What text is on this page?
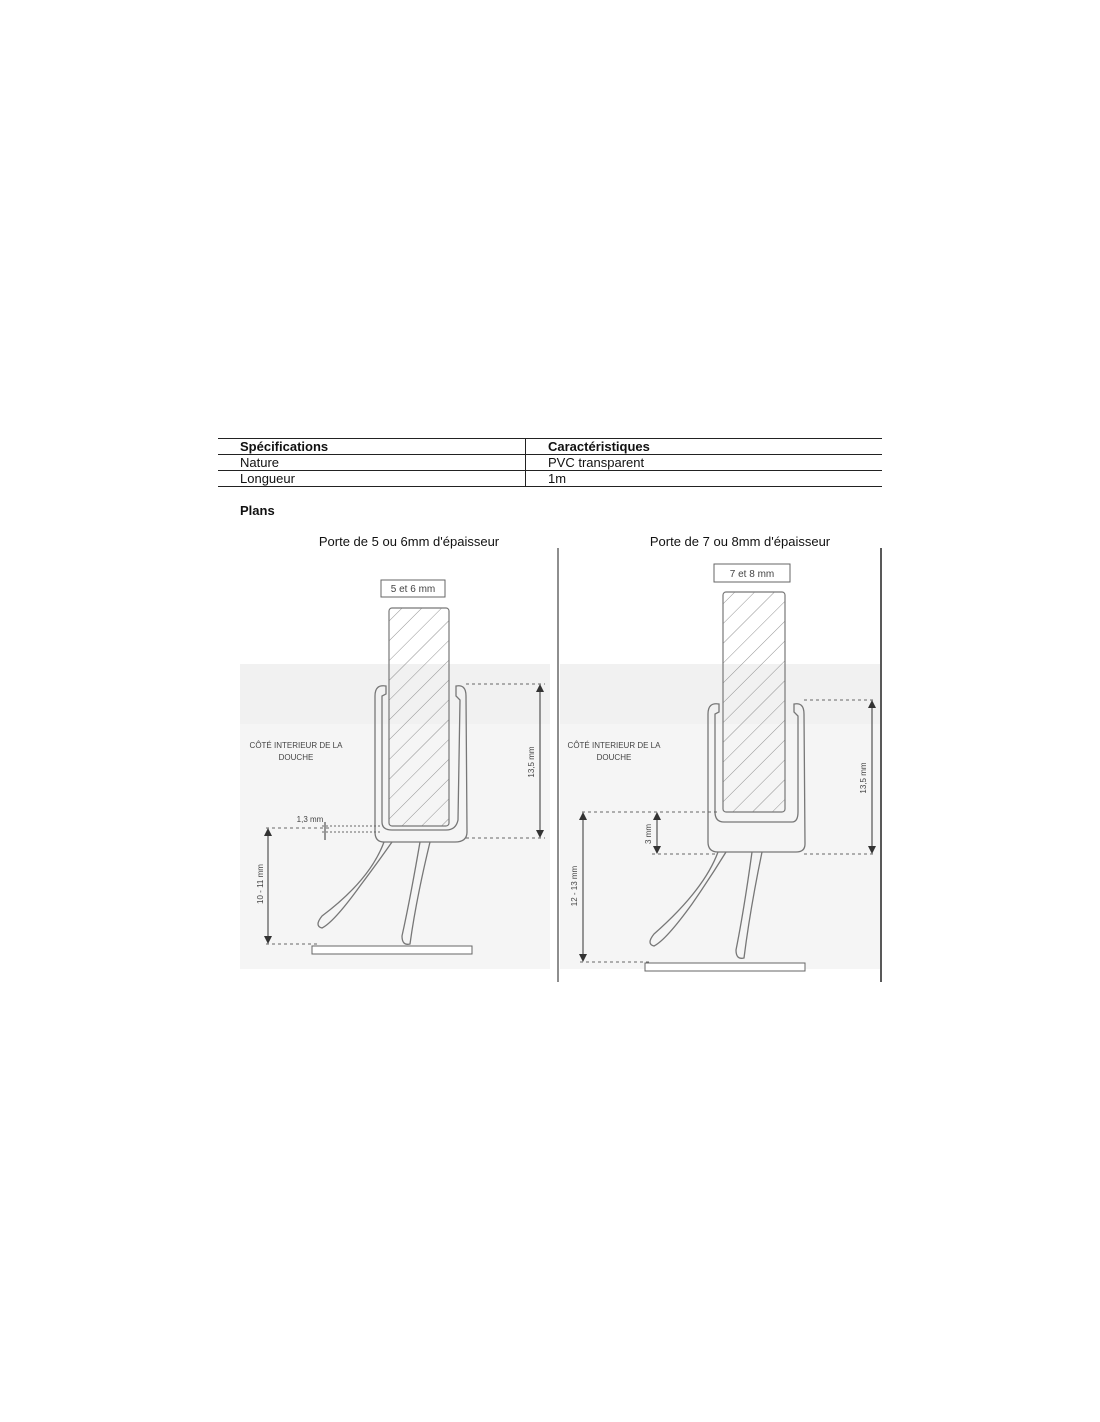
Spécifications	Caractéristiques
Nature	PVC transparent
Longueur	1m
Plans
Porte de 5 ou 6mm d'épaisseur	Porte de 7 ou 8mm d'épaisseur
5 et 6 mm
CÔTÉ INTERIEUR DE LA
DOUCHE	13,5 mm
1,3 mm
10 - 11 mm
7 et 8 mm
CÔTÉ INTERIEUR DE LA
DOUCHE
13,5 mm
3 mm
12 - 13 mm
